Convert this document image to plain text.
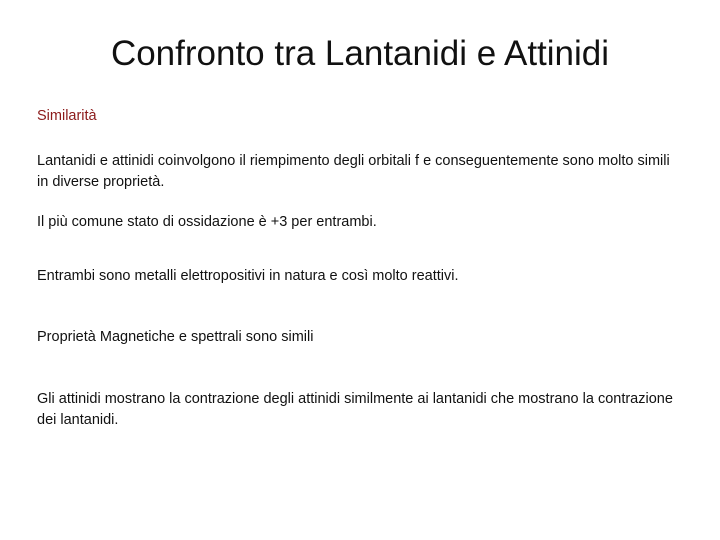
Confronto tra Lantanidi e Attinidi
Similarità
Lantanidi e attinidi coinvolgono il riempimento degli orbitali f e conseguentemente sono molto simili in diverse proprietà.
Il più comune stato di ossidazione è +3 per entrambi.
Entrambi sono metalli elettropositivi in natura e così molto reattivi.
Proprietà Magnetiche e spettrali sono simili
Gli attinidi mostrano la contrazione degli attinidi similmente ai lantanidi che mostrano la contrazione dei lantanidi.
